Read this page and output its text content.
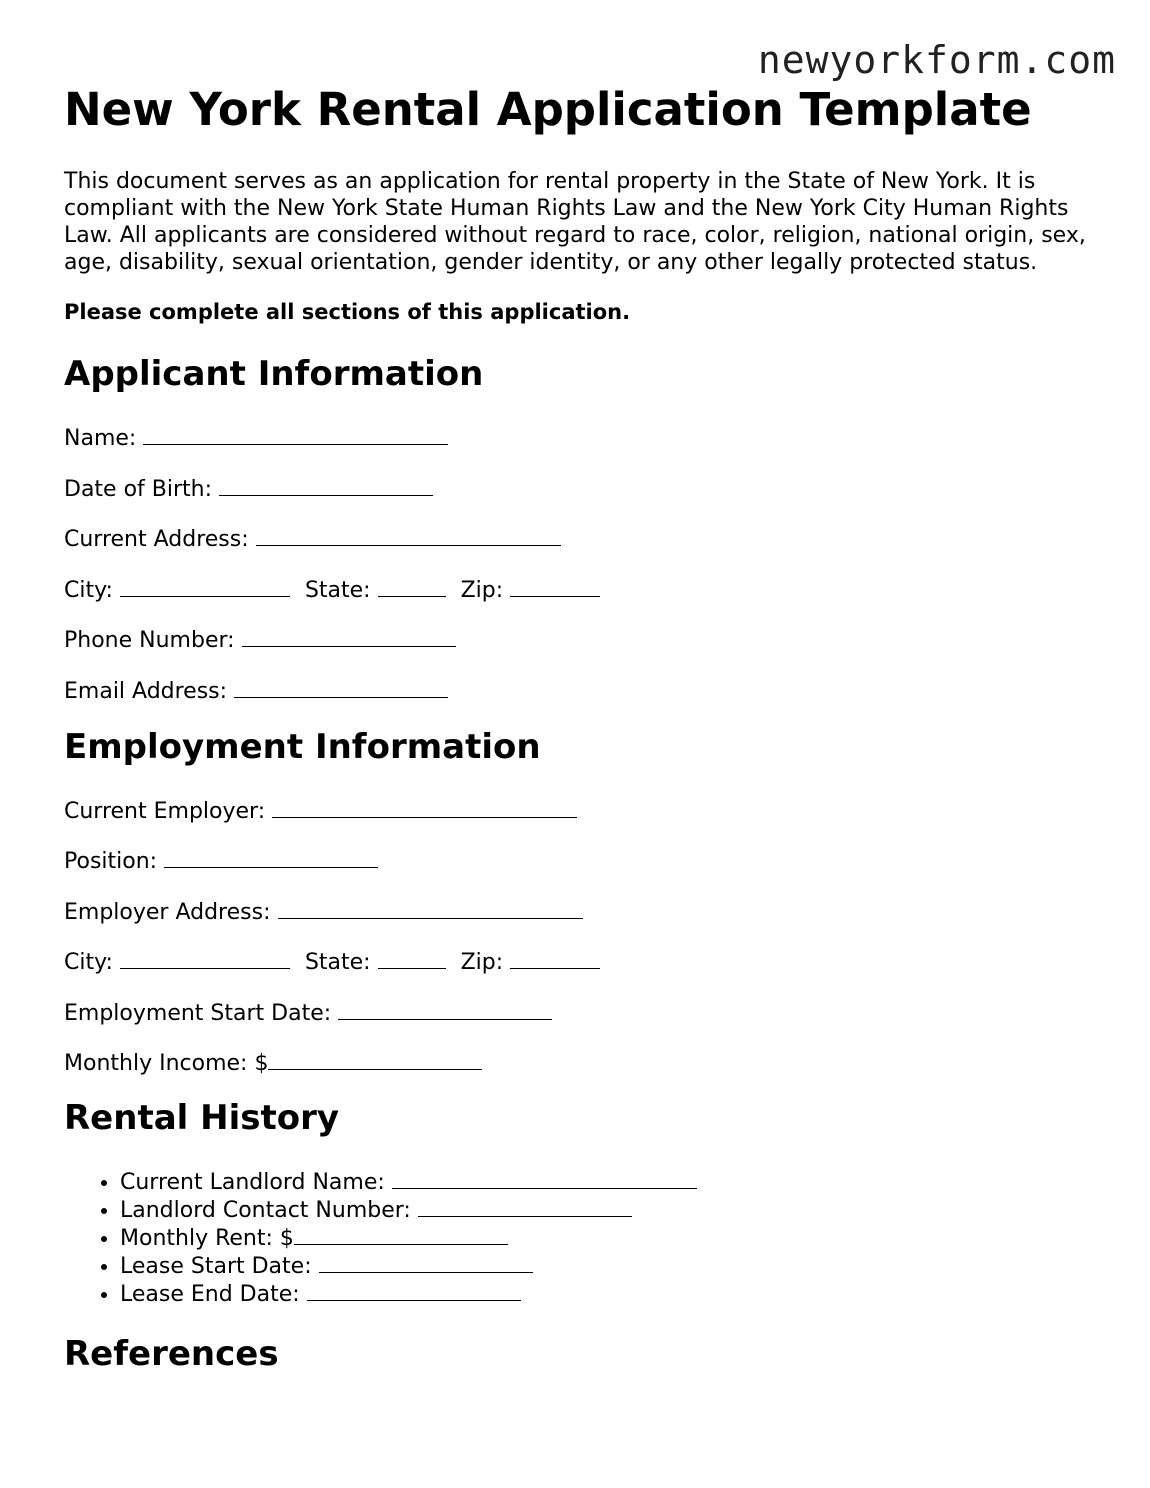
newyorkform.com
New York Rental Application Template

This document serves as an application for rental property in the State of New York. It is compliant with the New York State Human Rights Law and the New York City Human Rights Law. All applicants are considered without regard to race, color, religion, national origin, sex, age, disability, sexual orientation, gender identity, or any other legally protected status.

Please complete all sections of this application.

Applicant Information

Name:

Date of Birth:

Current Address:

City:	State:	Zip:

Phone Number:

Email Address:

Employment Information

Current Employer:

Position:

Employer Address:

City:	State:	Zip:

Employment Start Date:

Monthly Income: $

Rental History
• Current Landlord Name:
• Landlord Contact Number:
• Monthly Rent: $
• Lease Start Date:
• Lease End Date:
References
